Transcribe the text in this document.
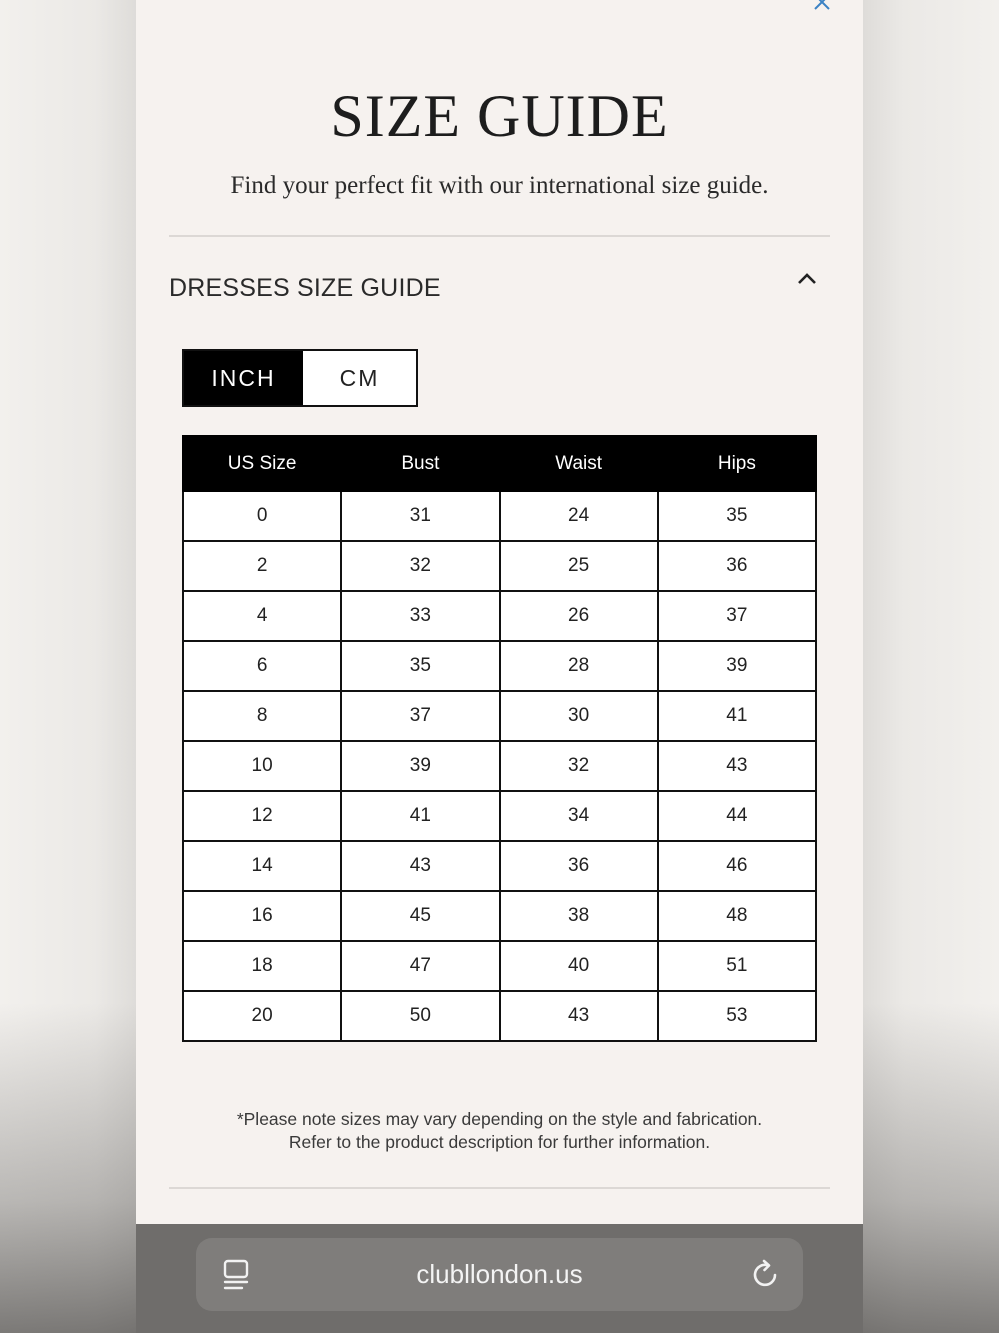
SIZE GUIDE
Find your perfect fit with our international size guide.
DRESSES SIZE GUIDE
INCH	CM
US Size	Bust	Waist	Hips
0	31	24	35
2	32	25	36
4	33	26	37
6	35	28	39
8	37	30	41
10	39	32	43
12	41	34	44
14	43	36	46
16	45	38	48
18	47	40	51
20	50	43	53
*Please note sizes may vary depending on the style and fabrication.
Refer to the product description for further information.
clubllondon.us
